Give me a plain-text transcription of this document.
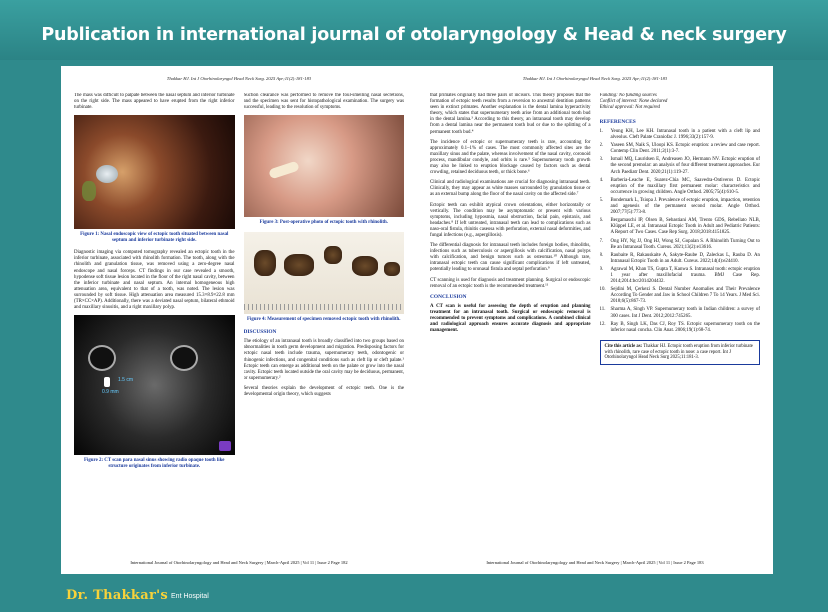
Publication in international journal of otolaryngology & Head & neck surgery
Thakkar HJ. Int J Otorhinolaryngol Head Neck Surg. 2025 Apr;11(2):181-183

The mass was difficult to palpate between the nasal septum and inferior turbinate on the right side. The mass appeared to have erupted from the right inferior turbinate.

Figure 1: Nasal endoscopic view of ectopic tooth situated between nasal septum and inferior turbinate right side.

Diagnostic imaging via computed tomography revealed an ectopic tooth in the inferior turbinate, associated with rhinolith formation. The tooth, along with the rhinolith and granulation tissue, was removed using a zero-degree nasal endoscope and nasal forceps. CT findings in our case revealed a smooth, hypodense soft tissue lesion located in the floor of the right nasal cavity, between the inferior turbinate and nasal septum. An internal homogeneous high attenuation area, equivalent to that of a tooth, was noted. The lesion was surrounded by soft tissue. High attenuation area measured 15.3×8.9×22.8 mm (TR×CC×AP). Additionally, there was a deviated nasal septum, bilateral ethmoid and maxillary sinusitis, and a right maxillary polyp.

1.5 cm
0.9 mm
Figure 2: CT scan para nasal sinus showing radio opaque tooth like structure originates from inferior turbinate.

Suction clearance was performed to remove the foul-smelling nasal secretions, and the specimen was sent for histopathological examination. The surgery was successful, leading to the resolution of symptoms.

Figure 3: Post-operative photo of ectopic tooth with rhinolith.
Figure 4: Measurement of specimen removed ectopic tooth with rhinolith.
DISCUSSION

The etiology of an intranasal tooth is broadly classified into two groups based on abnormalities in tooth germ development and migration. Predisposing factors for ectopic nasal teeth include trauma, supernumerary teeth, odontogenic or rhinogenic infections, and congenital conditions such as cleft lip or cleft palate.¹ Ectopic teeth can emerge as additional teeth on the palate or grow into the nasal cavity. Ectopic teeth located outside the oral cavity may be deciduous, permanent, or supernumerary.²

Several theories explain the development of ectopic teeth. One is the developmental origin theory, which suggests

International Journal of Otorhinolaryngology and Head and Neck Surgery | March-April 2025 | Vol 11 | Issue 2 Page 182
Thakkar HJ. Int J Otorhinolaryngol Head Neck Surg. 2025 Apr;11(2):181-183

that primates originally had three pairs of incisors. This theory proposes that the formation of ectopic teeth results from a reversion to ancestral dentition patterns seen in extinct primates. Another explanation is the dental lamina hyperactivity theory, which states that supernumerary teeth arise from an additional tooth bud in the dental lamina.³ According to this theory, an intranasal tooth may develop from a dental lamina near the permanent tooth bud or due to the splitting of a permanent tooth bud.⁴

The incidence of ectopic or supernumerary teeth is rare, accounting for approximately 0.1–1% of cases. The most commonly affected sites are the maxillary sinus and the palate, whereas involvement of the nasal cavity, coronoid process, mandibular condyle, and orbits is rare.⁵ Supernumerary tooth growth may also be linked to eruption blockage caused by factors such as dental crowding, retained deciduous teeth, or thick bone.⁶

Clinical and radiological examinations are crucial for diagnosing intranasal teeth. Clinically, they may appear as white masses surrounded by granulation tissue or as an external bump along the floor of the nasal cavity on the affected side.⁷

Ectopic teeth can exhibit atypical crown orientations, either horizontally or vertically. The condition may be asymptomatic or present with various symptoms, including hyposmia, nasal obstruction, facial pain, epistaxis, and headaches.⁸ If left untreated, intranasal teeth can lead to complications such as naso-oral fistula, rhinitis caseosa with perforation, external nasal deformities, and fungal infections (e.g., aspergillosis).

The differential diagnosis for intranasal teeth includes foreign bodies, rhinoliths, infections such as tuberculosis or aspergillosis with calcification, nasal polyps with calcification, and benign tumors such as osteomas.¹⁰ Although rare, intranasal ectopic teeth can cause significant complications if left untreated, potentially leading to oronasal fistula and septal perforation.⁹

CT scanning is used for diagnosis and treatment planning. Surgical or endoscopic removal of an ectopic tooth is the recommended treatment.¹¹

CONCLUSION

A CT scan is useful for assessing the depth of eruption and planning treatment for an intranasal tooth. Surgical or endoscopic removal is recommended to prevent symptoms and complications. A combined clinical and radiological approach ensures accurate diagnosis and appropriate management.

Funding: No funding sources
Conflict of interest: None declared
Ethical approval: Not required
REFERENCES
1.	Yeung KH, Lee KH. Intranasal tooth in a patient with a cleft lip and alveolus. Cleft Palate Craniofac J. 1996;33(2):157-9.
2.	Yaseen SM, Naik S, Uloopi KS. Ectopic eruption: a review and case report. Contemp Clin Dent. 2011;2(1):3-7.
3.	Ismail MQ, Lauridsen E, Andreasen JO, Hermann NV. Ectopic eruption of the second premolar: an analysis of four different treatment approaches. Eur Arch Paediatr Dent. 2020;21(1):119-27.
4.	Barberia-Leache E, Suarez-Clúa MC, Saavedra-Ontiveros D. Ectopic eruption of the maxillary first permanent molar: characteristics and occurrence in growing children. Angle Orthod. 2005;75(4):610-5.
5.	Bondemark L, Tsiopa J. Prevalence of ectopic eruption, impaction, retention and agenesis of the permanent second molar. Angle Orthod. 2007;77(5):773-8.
6.	Bergamaschi IP, Olsen B, Sebastiani AM, Trento GDS, Rebellato NLB, Klüppel LE, et al. Intranasal Ectopic Tooth in Adult and Pediatric Patients: A Report of Two Cases. Case Rep Surg. 2018;2018:4151825.
7.	Ong HY, Ng JJ, Ong HJ, Wong SJ, Gopalan S. A Rhinolith Turning Out to Be an Intranasal Tooth. Cureus. 2021;13(2):e13616.
8.	Raubaite R, Rakauskaite A, Sakyte-Raube D, Zaleckas L, Rauba D. An Intranasal Ectopic Tooth in an Adult. Cureus. 2022;14(4):e24410.
9.	Agrawal M, Khan TS, Gupta T, Kanwa S. Intranasal tooth: ectopic eruption 1 year after maxillofacial trauma. BMJ Case Rep. 2014;2014:bcr2014204432.
10. Sejdini M, Çerkezi S. Dental Number Anomalies and Their Prevalence According To Gender and Jaw in School Children 7 To 14 Years. J Med Sci. 2018;6(5):867-73.
11.	Sharma A, Singh VP. Supernumerary tooth in Indian children: a survey of 300 cases. Int J Dent. 2012;2012:745265.
12. Ray B, Singh LK, Das CJ, Roy TS. Ectopic supernumerary tooth on the inferior nasal concha. Clin Anat. 2006;19(1):68-74.
Cite this article as: Thakkar HJ. Ectopic tooth eruption from inferior turbinate with rhinolith, rare case of ectopic tooth in nose: a case report. Int J Otorhinolaryngol Head Neck Surg 2025;11:181-3.
International Journal of Otorhinolaryngology and Head and Neck Surgery | March-April 2025 | Vol 11 | Issue 2 Page 183
Dr. Thakkar's Ent Hospital
